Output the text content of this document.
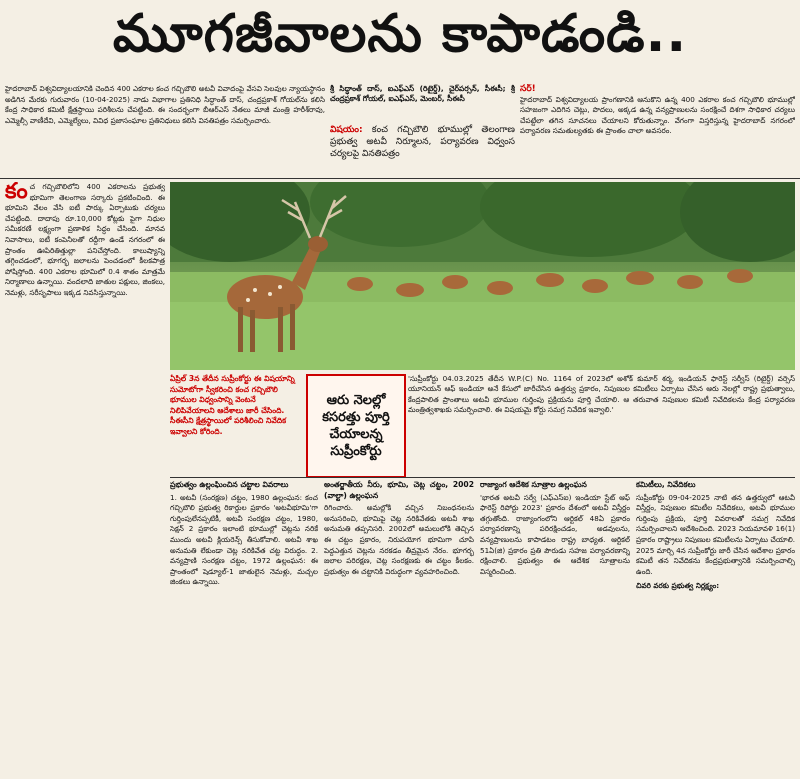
మూగజీవాలను కాపాడండి..
హైదరాబాద్ విశ్వవిద్యాలయానికి చెందిన 400 ఎకరాల కంచ గచ్చిబౌలి అటవీ వివాదంపై వేసవి సెలవుల న్యాయస్థానం అడిగిన మేరకు గురువారం (10-04-2025) నాడు విభాగాల ప్రతినిధి సిద్ధాంత్ దాస్, చంద్రప్రకాశ్ గోయల్‌ను కలిసి కేంద్ర సాధికార కమిటీ క్షేత్రస్థాయి పరిశీలను చేపట్టింది. ఈ సందర్భంగా బీఆర్ఎస్ నేతలు మాజీ మంత్రి హరీశ్‌రావు, ఎమ్మెల్సీ వాణీదేవి, ఎమ్మెల్యేలు, వివిధ ప్రజాసంఘాల ప్రతినిధులు కలిసి వినతిపత్రం సమర్పించారు.
శ్రీ సిద్ధాంత్ దాస్, ఐఎఫ్ఎస్ (రిటైర్డ్), చైర్‌పర్సన్, సీఈసీ; శ్రీ చంద్రప్రకాశ్ గోయల్, ఐఎఫ్ఎస్, మెంబర్, సీఈసీ
విషయం: కంచ గచ్చిబౌలి భూముల్లో తెలంగాణ ప్రభుత్వ అటవీ నిర్మూలన, పర్యావరణ విధ్వంస చర్యలపై వినతిపత్రం
సర్!
హైదరాబాద్ విశ్వవిద్యాలయ ప్రాంగణానికి ఆనుకొని ఉన్న 400 ఎకరాల కంచ గచ్చిబౌలి భూముల్లో సహజంగా ఎదిగిన చెట్లు, పొదలు, అక్కడ ఉన్న వన్యప్రాణులను సంరక్షించే దిశగా సాధికార చర్యలు చేపట్టేలా తగిన సూచనలు చేయాలని కోరుతున్నాం. వేగంగా విస్తరిస్తున్న హైదరాబాద్ నగరంలో పర్యావరణ సమతుల్యతకు ఈ ప్రాంతం చాలా అవసరం.
కం చ గచ్చిబౌలిలోని 400 ఎకరాలను ప్రభుత్వ భూమిగా తెలంగాణ సర్కారు ప్రకటించింది. ఈ భూమిని వేలం వేసి ఐటీ పార్కు ఏర్పాటుకు చర్యలు చేపట్టింది. దాదాపు రూ.10,000 కోట్లకు పైగా నిధుల సమీకరణే లక్ష్యంగా ప్రణాళిక సిద్ధం చేసింది. మానవ నివాసాలు, ఐటీ కంపెనీలతో రద్దీగా ఉండే నగరంలో ఈ ప్రాంతం ఊపిరితిత్తుల్లా పనిచేస్తోంది. కాలుష్యాన్ని తగ్గించడంలో, భూగర్భ జలాలను పెంచడంలో కీలకపాత్ర పోషిస్తోంది. 400 ఎకరాల భూమిలో 0.4 శాతం మాత్రమే నిర్మాణాలు ఉన్నాయి. వందలాది జాతుల పక్షులు, జింకలు, నెమళ్లు, సరీసృపాలు ఇక్కడ నివసిస్తున్నాయి.
ఏప్రిల్ 3న తేదీన సుప్రీంకోర్టు ఈ విషయాన్ని సుమోటోగా స్వీకరించి కంచ గచ్చిబౌలి భూముల విధ్వంసాన్ని వెంటనే నిలిపివేయాలని ఆదేశాలు జారీ చేసింది. సీఈసీని క్షేత్రస్థాయిలో పరిశీలించి నివేదిక ఇవ్వాలని కోరింది.
ఆరు నెలల్లో కసరత్తు పూర్తి చేయాలన్న సుప్రీంకోర్టు
'సుప్రీంకోర్టు 04.03.2025 తేదీన W.P.(C) No. 1164 of 2023లో అశోక్ కుమార్ శర్మ, ఇండియన్ ఫారెస్ట్ సర్వీస్ (రిటైర్డ్) వర్సెస్ యూనియన్ ఆఫ్ ఇండియా అనే కేసులో జారీచేసిన ఉత్తర్వు ప్రకారం, నిపుణుల కమిటీలు ఏర్పాటు చేసిన ఆరు నెలల్లో రాష్ట్ర ప్రభుత్వాలు, కేంద్రపాలిత ప్రాంతాలు అటవీ భూముల గుర్తింపు ప్రక్రియను పూర్తి చేయాలి. ఆ తరువాత నిపుణుల కమిటీ నివేదికలను కేంద్ర పర్యావరణ మంత్రిత్వశాఖకు సమర్పించాలి. ఈ విషయమై కోర్టు సమగ్ర నివేదిక ఇవ్వాలి.'
ప్రభుత్వం ఉల్లంఘించిన చట్టాల వివరాలు
1. అటవీ (సంరక్షణ) చట్టం, 1980 ఉల్లంఘన: కంచ గచ్చిబౌలి ప్రభుత్వ రికార్డుల ప్రకారం 'అటవీభూమి'గా గుర్తింపులేనప్పటికీ, అటవీ సంరక్షణ చట్టం, 1980, సెక్షన్ 2 ప్రకారం ఇలాంటి భూముల్లో చెట్లను నరికే ముందు అటవీ క్లియరెన్స్ తీసుకోవాలి. అటవీ శాఖ అనుమతి లేకుండా చెట్ల నరికివేత చట్ట విరుద్ధం. 2. వన్యప్రాణి సంరక్షణ చట్టం, 1972 ఉల్లంఘన: ఈ ప్రాంతంలో షెడ్యూల్-1 జాతులైన నెమళ్లు, మచ్చల జింకలు ఉన్నాయి.
అంతర్జాతీయ నీరు, భూమి, చెట్ల చట్టం, 2002 (వాల్టా) ఉల్లంఘన
రిగించారు. అమల్లోకి వచ్చిన నిబంధనలను అనుసరించి, భూమిపై చెట్ల నరికివేతకు అటవీ శాఖ అనుమతి తప్పనిసరి. 2002లో అమలులోకి తెచ్చిన ఈ చట్టం ప్రకారం, నిరుపయోగ భూమిగా చూపి పెద్దఎత్తున చెట్లను నరకడం తీవ్రమైన నేరం. భూగర్భ జలాల పరిరక్షణ, చెట్ల సంరక్షణకు ఈ చట్టం కీలకం. ప్రభుత్వం ఈ చట్టానికి విరుద్ధంగా వ్యవహరించింది.
రాజ్యాంగ ఆదేశిక సూత్రాల ఉల్లంఘన
'భారత అటవీ సర్వే (ఎఫ్ఎస్ఐ) ఇండియా స్టేట్ ఆఫ్ ఫారెస్ట్ రిపోర్టు 2023' ప్రకారం దేశంలో అటవీ విస్తీర్ణం తగ్గుతోంది. రాజ్యాంగంలోని ఆర్టికల్ 48ఏ ప్రకారం పర్యావరణాన్ని పరిరక్షించడం, అడవులను, వన్యప్రాణులను కాపాడటం రాష్ట్ర బాధ్యత. ఆర్టికల్ 51ఏ(జి) ప్రకారం ప్రతి పౌరుడు సహజ పర్యావరణాన్ని రక్షించాలి. ప్రభుత్వం ఈ ఆదేశిక సూత్రాలను విస్మరించింది.
కమిటీలు, నివేదికలు
సుప్రీంకోర్టు 09-04-2025 నాటి తన ఉత్తర్వులో ఆటవీ విస్తీర్ణం, నిపుణుల కమిటీల నివేదికలు, అటవీ భూముల గుర్తింపు ప్రక్రియ, పూర్తి వివరాలతో సమగ్ర నివేదిక సమర్పించాలని ఆదేశించింది. 2023 నియమావళి 16(1) ప్రకారం రాష్ట్రాలు నిపుణుల కమిటీలను ఏర్పాటు చేయాలి. 2025 మార్చి 4న సుప్రీంకోర్టు జారీ చేసిన ఆదేశాల ప్రకారం కమిటీ తన నివేదికను కేంద్రప్రభుత్వానికి సమర్పించాల్సి ఉంది.
చివరి వరకు ప్రభుత్వ నిర్లక్ష్యం:
